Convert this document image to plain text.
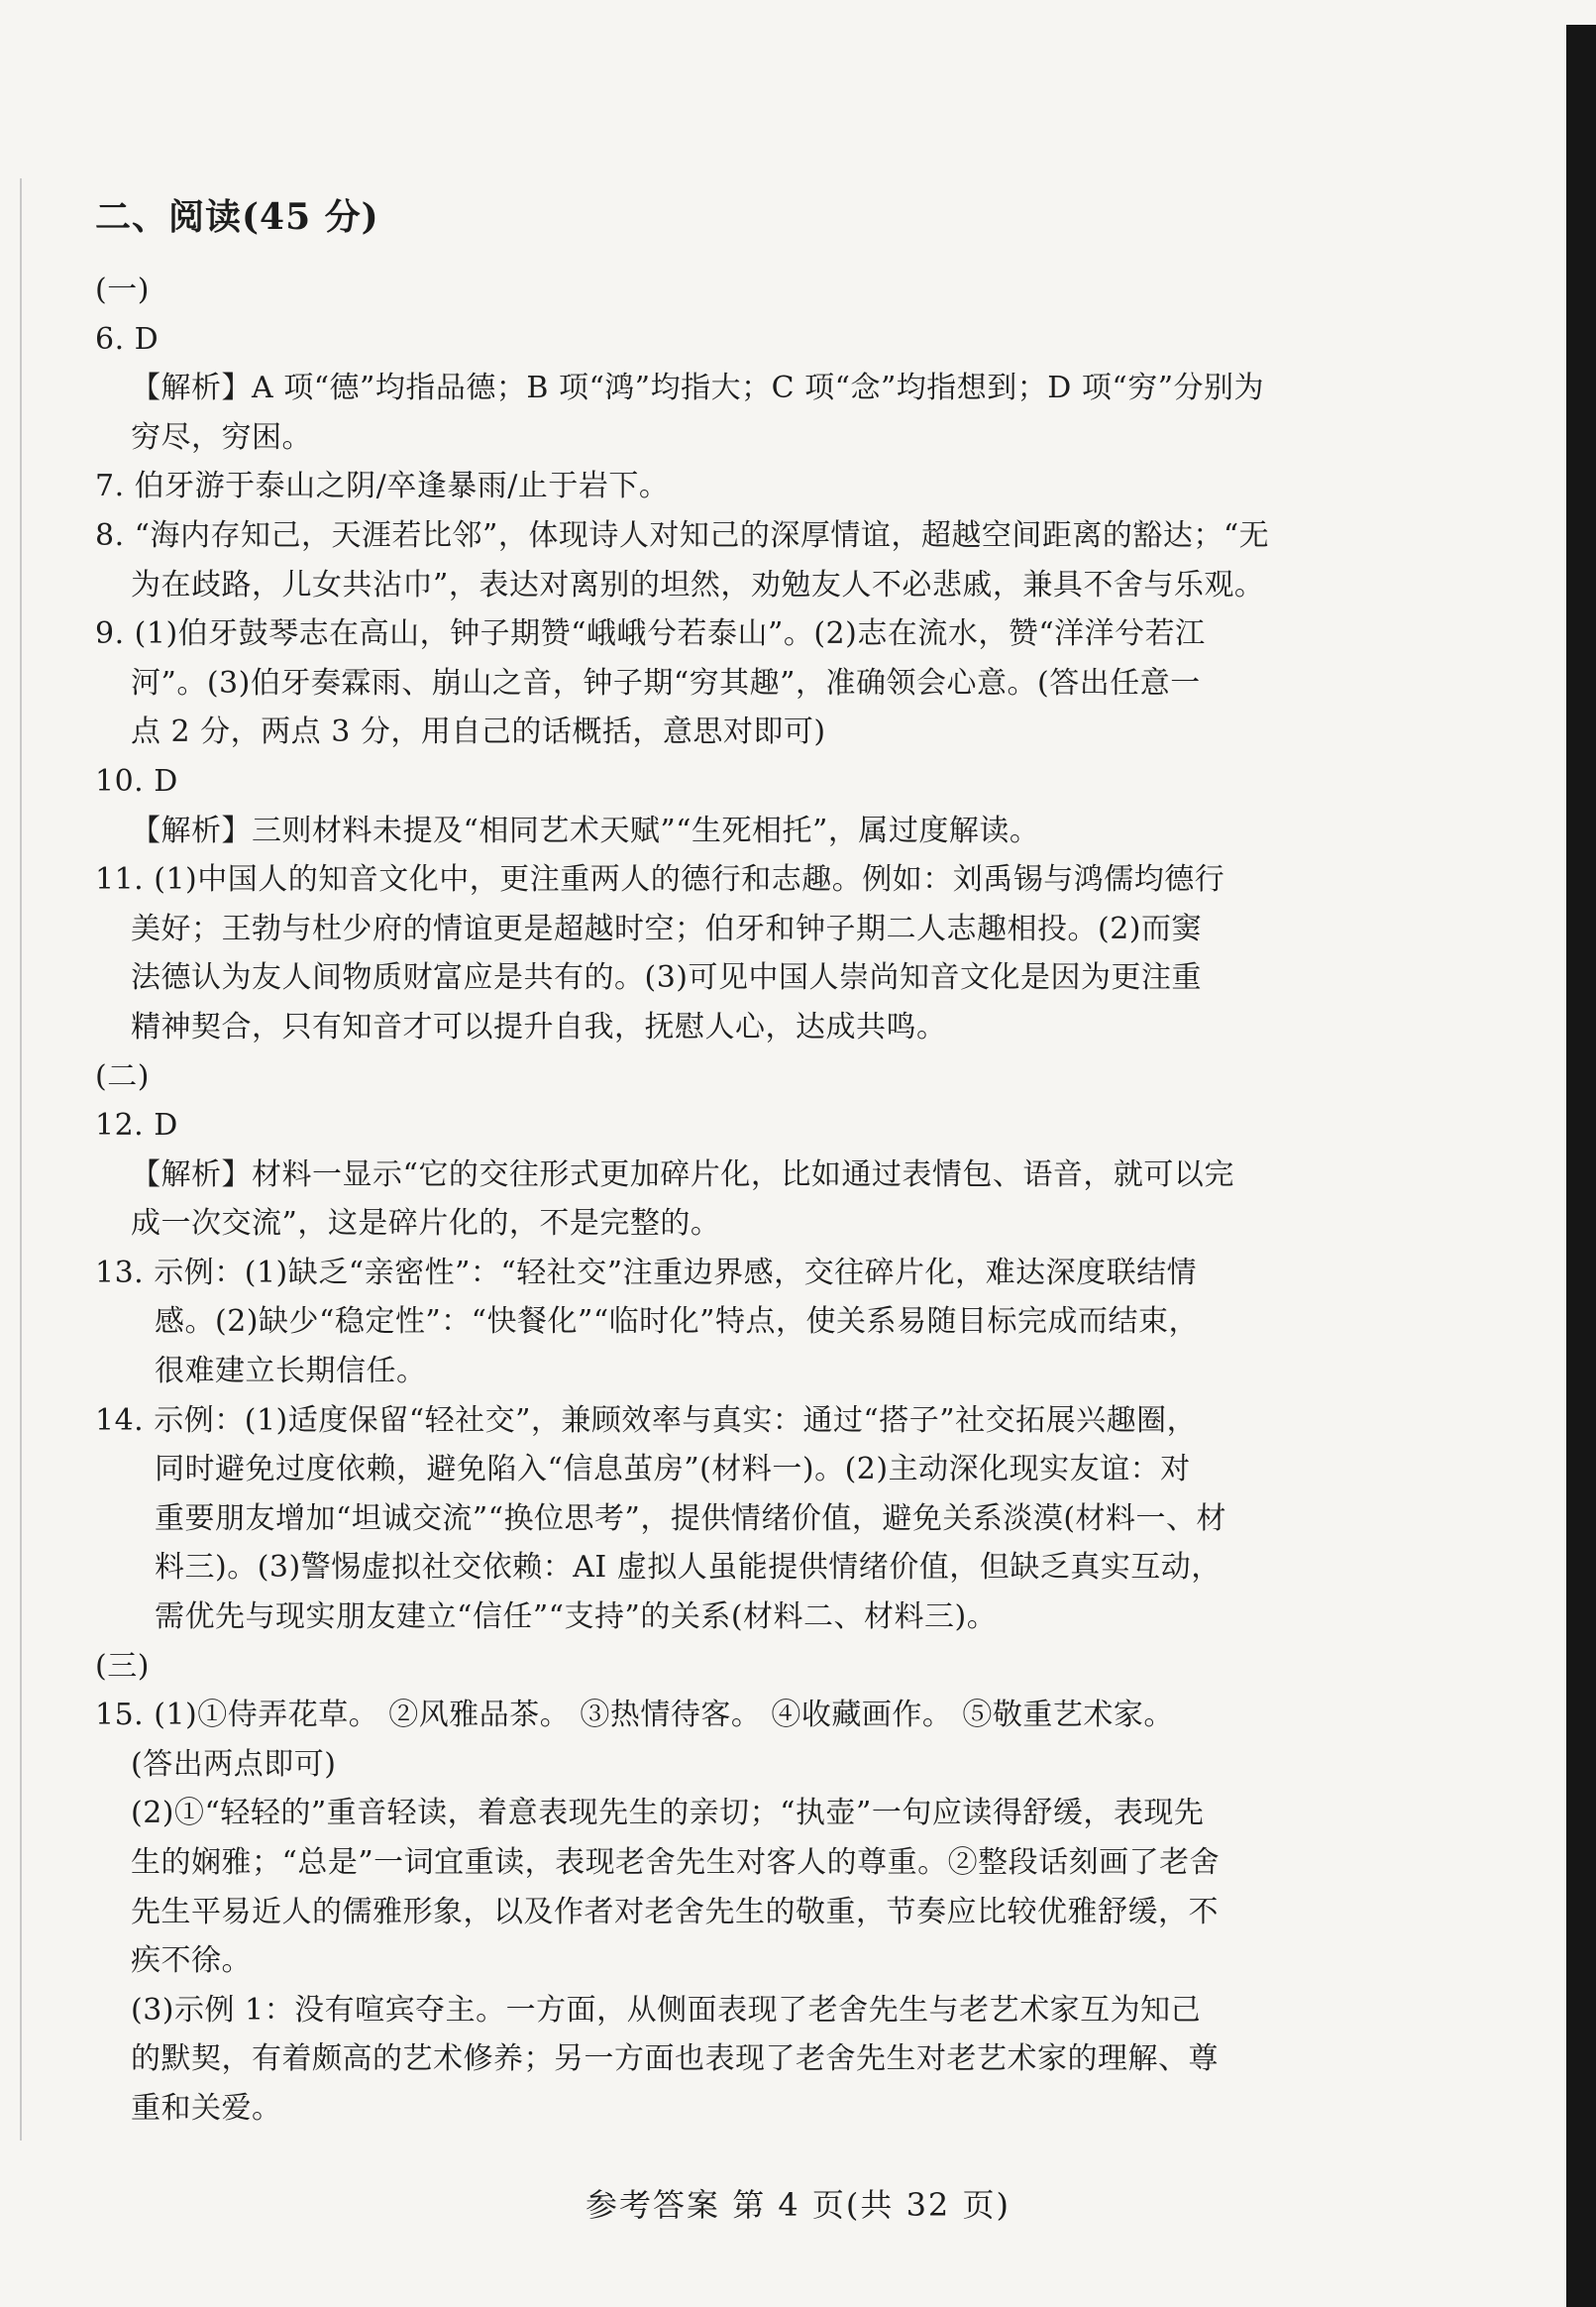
二、阅读(45 分)
(一)
6. D
【解析】A 项“德”均指品德；B 项“鸿”均指大；C 项“念”均指想到；D 项“穷”分别为
穷尽，穷困。
7. 伯牙游于泰山之阴/卒逢暴雨/止于岩下。
8. “海内存知己，天涯若比邻”，体现诗人对知己的深厚情谊，超越空间距离的豁达；“无
为在歧路，儿女共沾巾”，表达对离别的坦然，劝勉友人不必悲戚，兼具不舍与乐观。
9. (1)伯牙鼓琴志在高山，钟子期赞“峨峨兮若泰山”。(2)志在流水，赞“洋洋兮若江
河”。(3)伯牙奏霖雨、崩山之音，钟子期“穷其趣”，准确领会心意。(答出任意一
点 2 分，两点 3 分，用自己的话概括，意思对即可)
10. D
【解析】三则材料未提及“相同艺术天赋”“生死相托”，属过度解读。
11. (1)中国人的知音文化中，更注重两人的德行和志趣。例如：刘禹锡与鸿儒均德行
美好；王勃与杜少府的情谊更是超越时空；伯牙和钟子期二人志趣相投。(2)而窦
法德认为友人间物质财富应是共有的。(3)可见中国人崇尚知音文化是因为更注重
精神契合，只有知音才可以提升自我，抚慰人心，达成共鸣。
(二)
12. D
【解析】材料一显示“它的交往形式更加碎片化，比如通过表情包、语音，就可以完
成一次交流”，这是碎片化的，不是完整的。
13. 示例：(1)缺乏“亲密性”：“轻社交”注重边界感，交往碎片化，难达深度联结情
感。(2)缺少“稳定性”：“快餐化”“临时化”特点，使关系易随目标完成而结束，
很难建立长期信任。
14. 示例：(1)适度保留“轻社交”，兼顾效率与真实：通过“搭子”社交拓展兴趣圈，
同时避免过度依赖，避免陷入“信息茧房”(材料一)。(2)主动深化现实友谊：对
重要朋友增加“坦诚交流”“换位思考”，提供情绪价值，避免关系淡漠(材料一、材
料三)。(3)警惕虚拟社交依赖：AI 虚拟人虽能提供情绪价值，但缺乏真实互动，
需优先与现实朋友建立“信任”“支持”的关系(材料二、材料三)。
(三)
15. (1)①侍弄花草。 ②风雅品茶。 ③热情待客。 ④收藏画作。 ⑤敬重艺术家。
(答出两点即可)
(2)①“轻轻的”重音轻读，着意表现先生的亲切；“执壶”一句应读得舒缓，表现先
生的娴雅；“总是”一词宜重读，表现老舍先生对客人的尊重。②整段话刻画了老舍
先生平易近人的儒雅形象，以及作者对老舍先生的敬重，节奏应比较优雅舒缓，不
疾不徐。
(3)示例 1：没有喧宾夺主。一方面，从侧面表现了老舍先生与老艺术家互为知己
的默契，有着颇高的艺术修养；另一方面也表现了老舍先生对老艺术家的理解、尊
重和关爱。
参考答案 第 4 页(共 32 页)
